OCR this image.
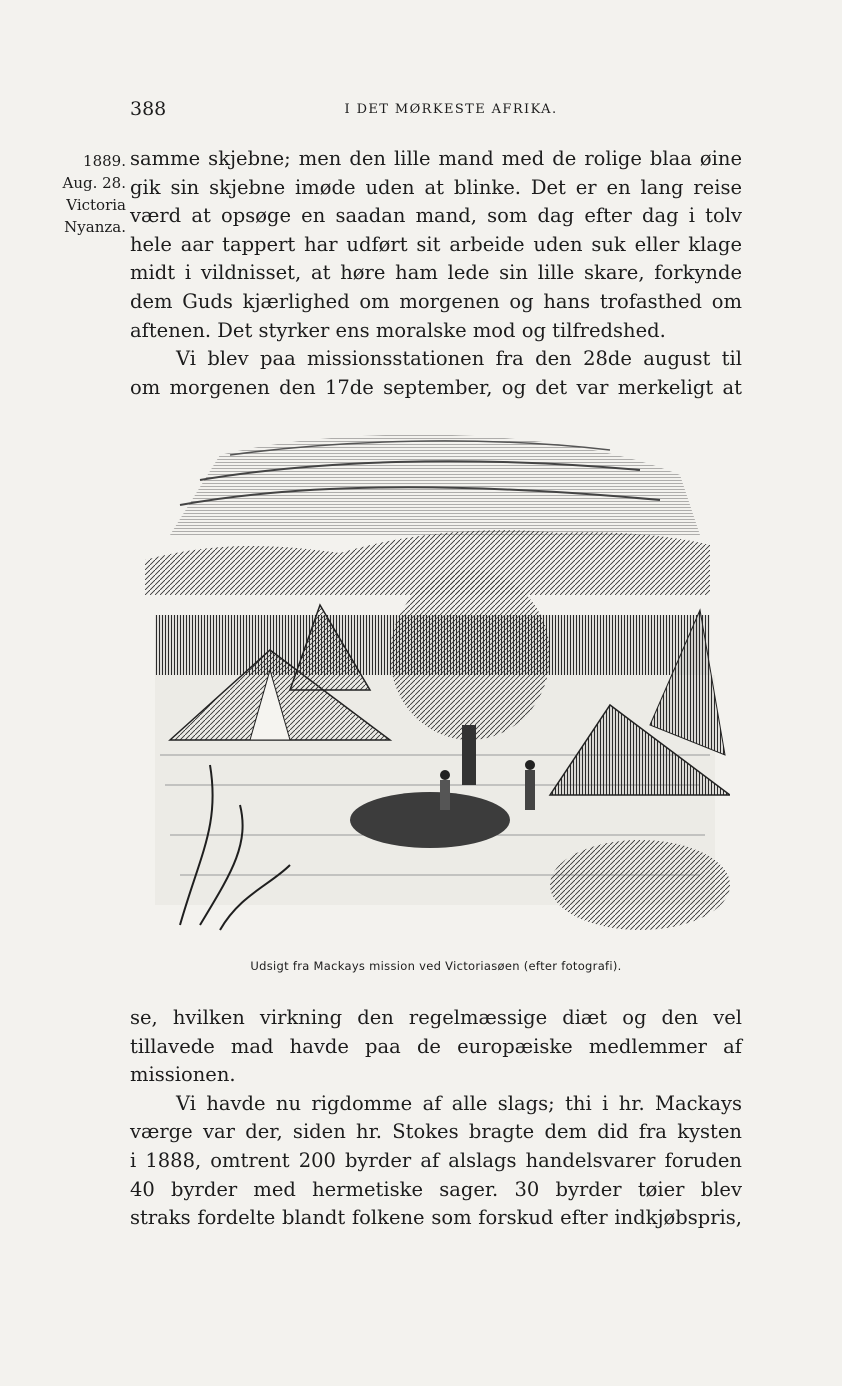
388	I DET MØRKESTE AFRIKA.
1889.
Aug. 28.
Victoria
Nyanza.
samme skjebne; men den lille mand med de rolige blaa øine
gik sin skjebne imøde uden at blinke. Det er en lang reise
værd at opsøge en saadan mand, som dag efter dag i tolv
hele aar tappert har udført sit arbeide uden suk eller klage
midt i vildnisset, at høre ham lede sin lille skare, forkynde
dem Guds kjærlighed om morgenen og hans trofasthed om
aftenen. Det styrker ens moralske mod og tilfredshed.
Vi blev paa missionsstationen fra den 28de august til
om morgenen den 17de september, og det var merkeligt at
Udsigt fra Mackays mission ved Victoriasøen (efter fotografi).
se, hvilken virkning den regelmæssige diæt og den vel
tillavede mad havde paa de europæiske medlemmer af
missionen.
Vi havde nu rigdomme af alle slags; thi i hr. Mackays
værge var der, siden hr. Stokes bragte dem did fra kysten
i 1888, omtrent 200 byrder af alslags handelsvarer foruden
40 byrder med hermetiske sager. 30 byrder tøier blev
straks fordelte blandt folkene som forskud efter indkjøbspris,
